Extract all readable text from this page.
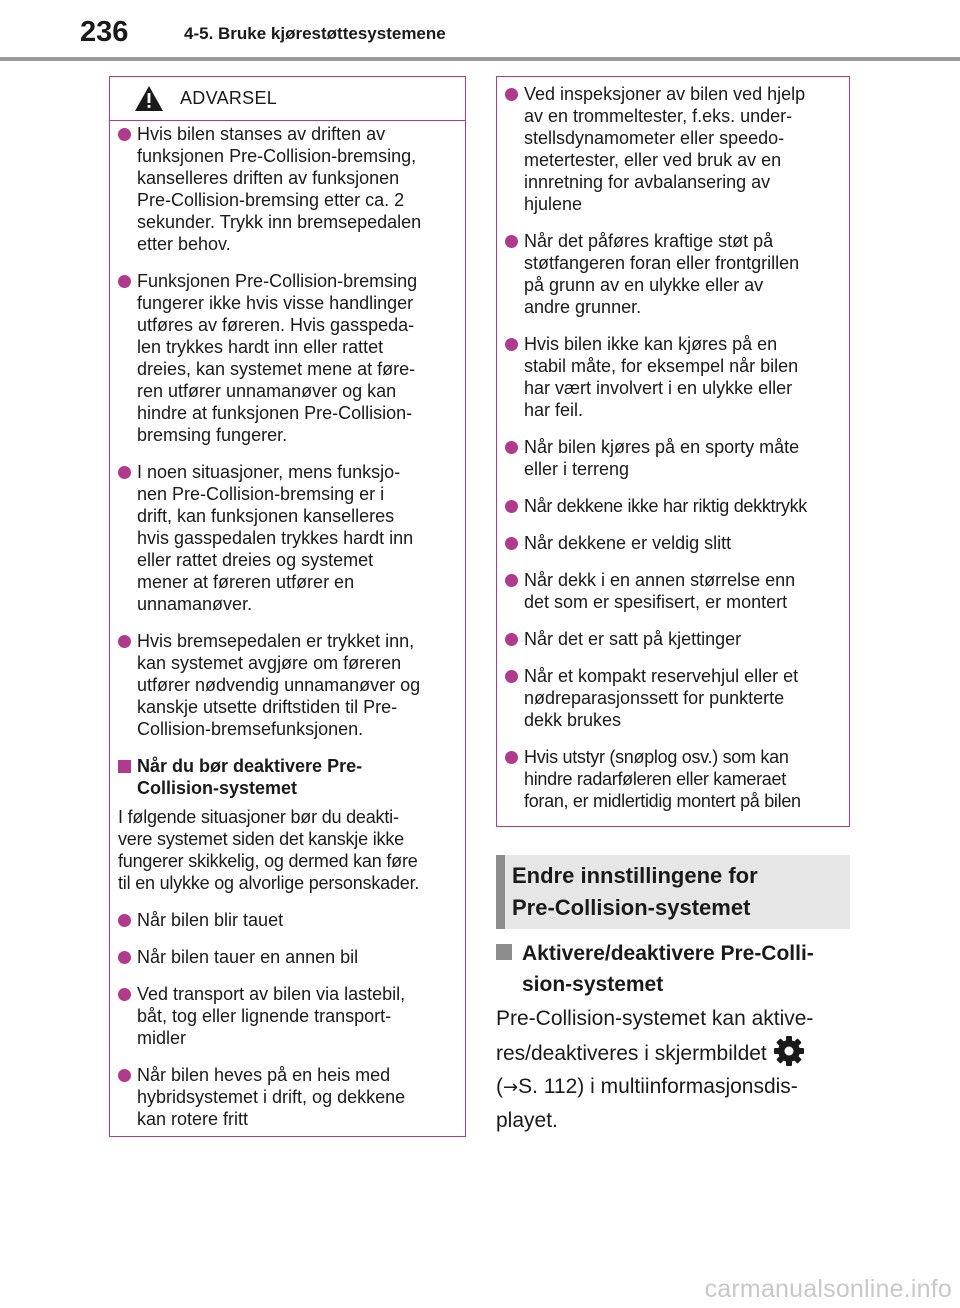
236	4-5. Bruke kjørestøttesystemene
ADVARSEL
Hvis bilen stanses av driften av
funksjonen Pre-Collision-bremsing,
kanselleres driften av funksjonen
Pre-Collision-bremsing etter ca. 2
sekunder. Trykk inn bremsepedalen
etter behov.
Funksjonen Pre-Collision-bremsing
fungerer ikke hvis visse handlinger
utføres av føreren. Hvis gasspeda-
len trykkes hardt inn eller rattet
dreies, kan systemet mene at føre-
ren utfører unnamanøver og kan
hindre at funksjonen Pre-Collision-
bremsing fungerer.
I noen situasjoner, mens funksjo-
nen Pre-Collision-bremsing er i
drift, kan funksjonen kanselleres
hvis gasspedalen trykkes hardt inn
eller rattet dreies og systemet
mener at føreren utfører en
unnamanøver.
Hvis bremsepedalen er trykket inn,
kan systemet avgjøre om føreren
utfører nødvendig unnamanøver og
kanskje utsette driftstiden til Pre-
Collision-bremsefunksjonen.
Når du bør deaktivere Pre-
Collision-systemet
I følgende situasjoner bør du deakti-
vere systemet siden det kanskje ikke
fungerer skikkelig, og dermed kan føre
til en ulykke og alvorlige personskader.
Når bilen blir tauet
Når bilen tauer en annen bil
Ved transport av bilen via lastebil,
båt, tog eller lignende transport-
midler
Når bilen heves på en heis med
hybridsystemet i drift, og dekkene
kan rotere fritt
Ved inspeksjoner av bilen ved hjelp
av en trommeltester, f.eks. under-
stellsdynamometer eller speedo-
metertester, eller ved bruk av en
innretning for avbalansering av
hjulene
Når det påføres kraftige støt på
støtfangeren foran eller frontgrillen
på grunn av en ulykke eller av
andre grunner.
Hvis bilen ikke kan kjøres på en
stabil måte, for eksempel når bilen
har vært involvert i en ulykke eller
har feil.
Når bilen kjøres på en sporty måte
eller i terreng
Når dekkene ikke har riktig dekktrykk
Når dekkene er veldig slitt
Når dekk i en annen størrelse enn
det som er spesifisert, er montert
Når det er satt på kjettinger
Når et kompakt reservehjul eller et
nødreparasjonssett for punkterte
dekk brukes
Hvis utstyr (snøplog osv.) som kan
hindre radarføleren eller kameraet
foran, er midlertidig montert på bilen
Endre innstillingene for
Pre-Collision-systemet
Aktivere/deaktivere Pre-Colli-
sion-systemet
Pre-Collision-systemet kan aktive-
res/deaktiveres i skjermbildet
(→S. 112) i multiinformasjonsdis-
playet.
carmanualsonline.info
